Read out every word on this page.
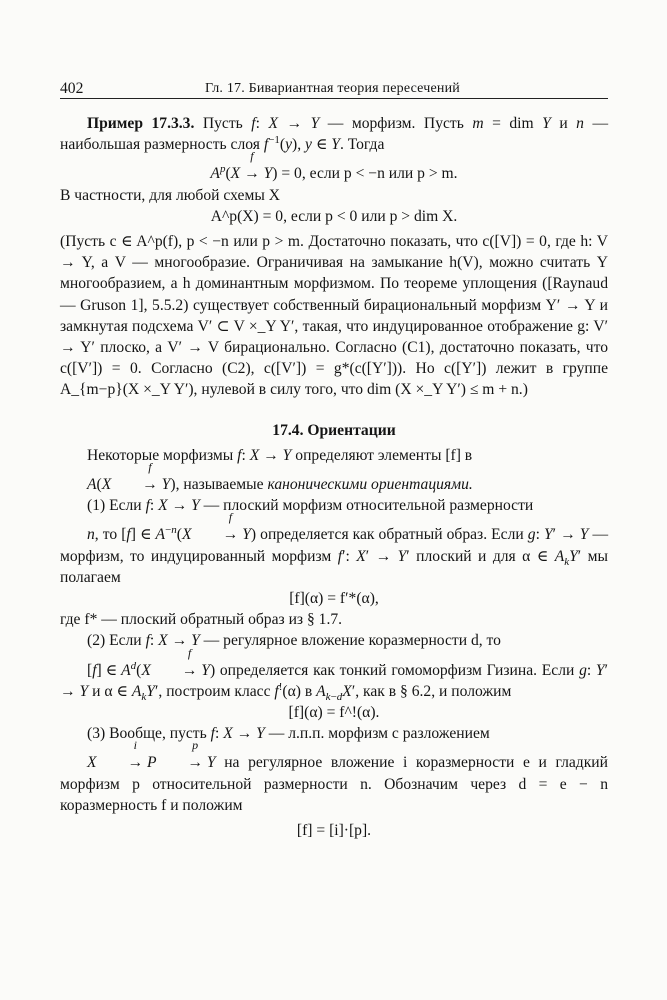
402	Гл. 17. Бивариантная теория пересечений

Пример 17.3.3. Пусть f: X → Y — морфизм. Пусть m = dim Y и n — наибольшая размерность слоя $f^{-1}(y)$, y ∈ Y. Тогда

$A^p(X$ →
f
Y) = 0, если p < −n или p > m.

В частности, для любой схемы X

A^p(X) = 0, если p < 0 или p > dim X.

(Пусть c ∈ A^p(f), p < −n или p > m. Достаточно показать, что c([V]) = 0, где h: V → Y, а V — многообразие. Ограничивая на замыкание h(V), можно считать Y многообразием, а h доминантным морфизмом. По теореме уплощения ([Raynaud — Gruson 1], 5.5.2) существует собственный бирациональный морфизм Y′ → Y и замкнутая подсхема V′ ⊂ V ×_Y Y′, такая, что индуцированное отображение g: V′ → Y′ плоско, а V′ → V бирационально. Согласно (C1), достаточно показать, что c([V′]) = 0. Согласно (C2), c([V′]) = g*(c([Y′])). Но c([Y′]) лежит в группе A_{m−p}(X ×_Y Y′), нулевой в силу того, что dim (X ×_Y Y′) ≤ m + n.)

17.4. Ориентации

Некоторые морфизмы f: X → Y определяют элементы [f] в
A(X →
f
Y), называемые каноническими ориентациями.

(1) Если f: X → Y — плоский морфизм относительной размерности
n, то [f] ∈ $A^{-n}(X$ →
f
Y) определяется как обратный образ. Если g: Y′ → Y — морфизм, то индуцированный морфизм f′: X′ → Y′ плоский и для α ∈ $A_kY'$ мы полагаем

[f](α) = f′*(α),

где f* — плоский обратный образ из § 1.7.

(2) Если f: X → Y — регулярное вложение коразмерности d, то
[f] ∈ $A^d(X$ →
f
Y) определяется как тонкий гомоморфизм Гизина. Если g: Y′ → Y и α ∈ $A_kY'$, построим класс f!(α) в $A_{k-d}X'$, как в § 6.2, и положим

[f](α) = f^!(α).

(3) Вообще, пусть f: X → Y — л.п.п. морфизм с разложением
X →
i
P →
p
Y на регулярное вложение i коразмерности e и гладкий морфизм p относительной размерности n. Обозначим через d = e − n коразмерность f и положим

[f] = [i]·[p].
